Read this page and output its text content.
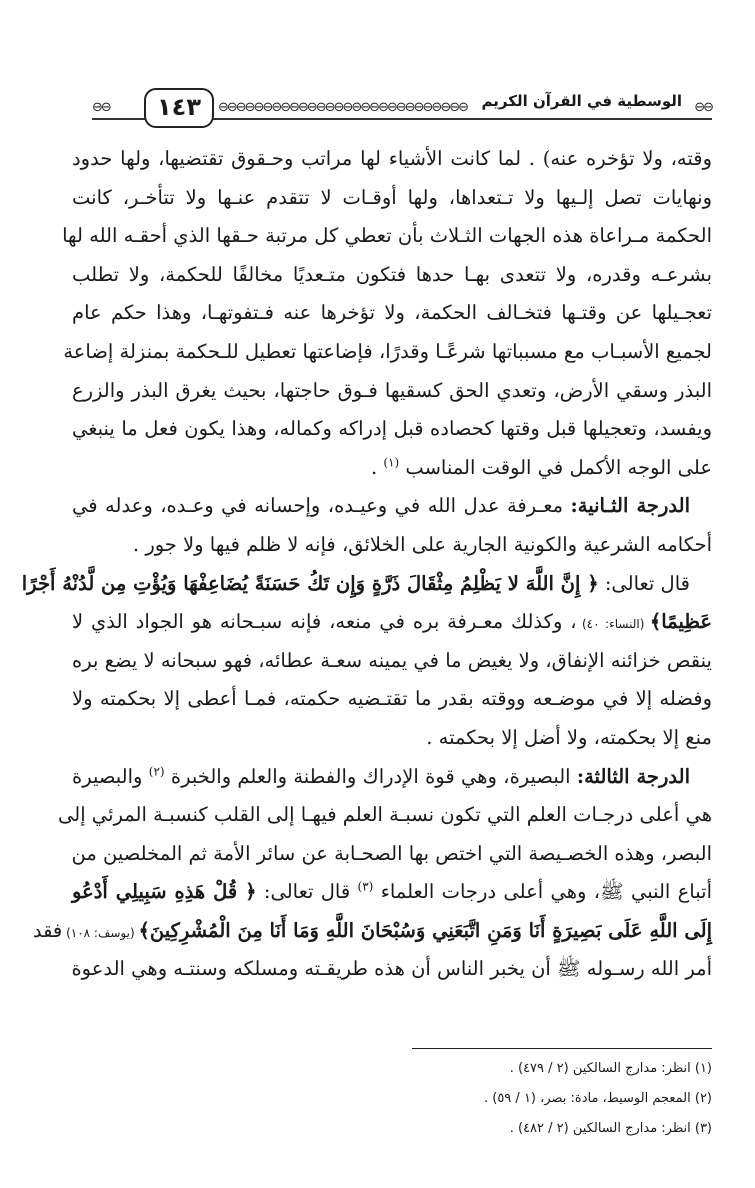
⊖⊖	١٤٣	⊖⊖⊖⊖⊖⊖⊖⊖⊖⊖⊖⊖⊖⊖⊖⊖⊖⊖⊖⊖⊖⊖⊖⊖⊖⊖⊖⊖ الوسطية في القرآن الكريم ⊖⊖
وقته، ولا تؤخره عنه) . لما كانت الأشياء لها مراتب وحـقوق تقتضيها، ولها حدود
ونهايات تصل إلـيها ولا تـتعداها، ولها أوقـات لا تتقدم عنـها ولا تتأخـر، كانت
الحكمة مـراعاة هذه الجهات الثـلاث بأن تعطي كل مرتبة حـقها الذي أحقـه الله لها
بشرعـه وقدره، ولا تتعدى بهـا حدها فتكون متـعديًا مخالفًا للحكمة، ولا تطلب
تعجـيلها عن وقتـها فتخـالف الحكمة، ولا تؤخرها عنه فـتفوتهـا، وهذا حكم عام
لجميع الأسبـاب مع مسبباتها شرعًـا وقدرًا، فإضاعتها تعطيل للـحكمة بمنزلة إضاعة
البذر وسقي الأرض، وتعدي الحق كسقيها فـوق حاجتها، بحيث يغرق البذر والزرع
ويفسد، وتعجيلها قبل وقتها كحصاده قبل إدراكه وكماله، وهذا يكون فعل ما ينبغي
على الوجه الأكمل في الوقت المناسب $^{(١)}$ .
الدرجة الثـانية: معـرفة عدل الله في وعيـده، وإحسانه في وعـده، وعدله في
أحكامه الشرعية والكونية الجارية على الخلائق، فإنه لا ظلم فيها ولا جور .
قال تعالى: ﴿ إِنَّ اللَّهَ لا يَظْلِمُ مِثْقَالَ ذَرَّةٍ وَإِن تَكُ حَسَنَةً يُضَاعِفْهَا وَيُؤْتِ مِن لَّدُنْهُ أَجْرًا
عَظِيمًا﴾ (النساء: ٤٠) ، وكذلك معـرفة بره في منعه، فإنه سبـحانه هو الجواد الذي لا
ينقص خزائنه الإنفاق، ولا يغيض ما في يمينه سعـة عطائه، فهو سبحانه لا يضع بره
وفضله إلا في موضـعه ووقته بقدر ما تقتـضيه حكمته، فمـا أعطى إلا بحكمته ولا
منع إلا بحكمته، ولا أضل إلا بحكمته .
الدرجة الثالثة: البصيرة، وهي قوة الإدراك والفطنة والعلم والخبرة $^{(٢)}$ والبصيرة
هي أعلى درجـات العلم التي تكون نسبـة العلم فيهـا إلى القلب كنسبـة المرئي إلى
البصر، وهذه الخصـيصة التي اختص بها الصحـابة عن سائر الأمة ثم المخلصين من
أتباع النبي ﷺ، وهي أعلى درجات العلماء $^{(٣)}$ قال تعالى: ﴿ قُلْ هَذِهِ سَبِيلِي أَدْعُو
إِلَى اللَّهِ عَلَى بَصِيرَةٍ أَنَا وَمَنِ اتَّبَعَنِي وَسُبْحَانَ اللَّهِ وَمَا أَنَا مِنَ الْمُشْرِكِينَ﴾ (يوسف: ١٠٨) فقد
أمر الله رسـوله ﷺ أن يخبر الناس أن هذه طريقـته ومسلكه وسنتـه وهي الدعوة
(١) انظر: مدارج السالكين (٢ / ٤٧٩) .
(٢) المعجم الوسيط، مادة: بصر، (١ / ٥٩) .
(٣) انظر: مدارج السالكين (٢ / ٤٨٢) .
